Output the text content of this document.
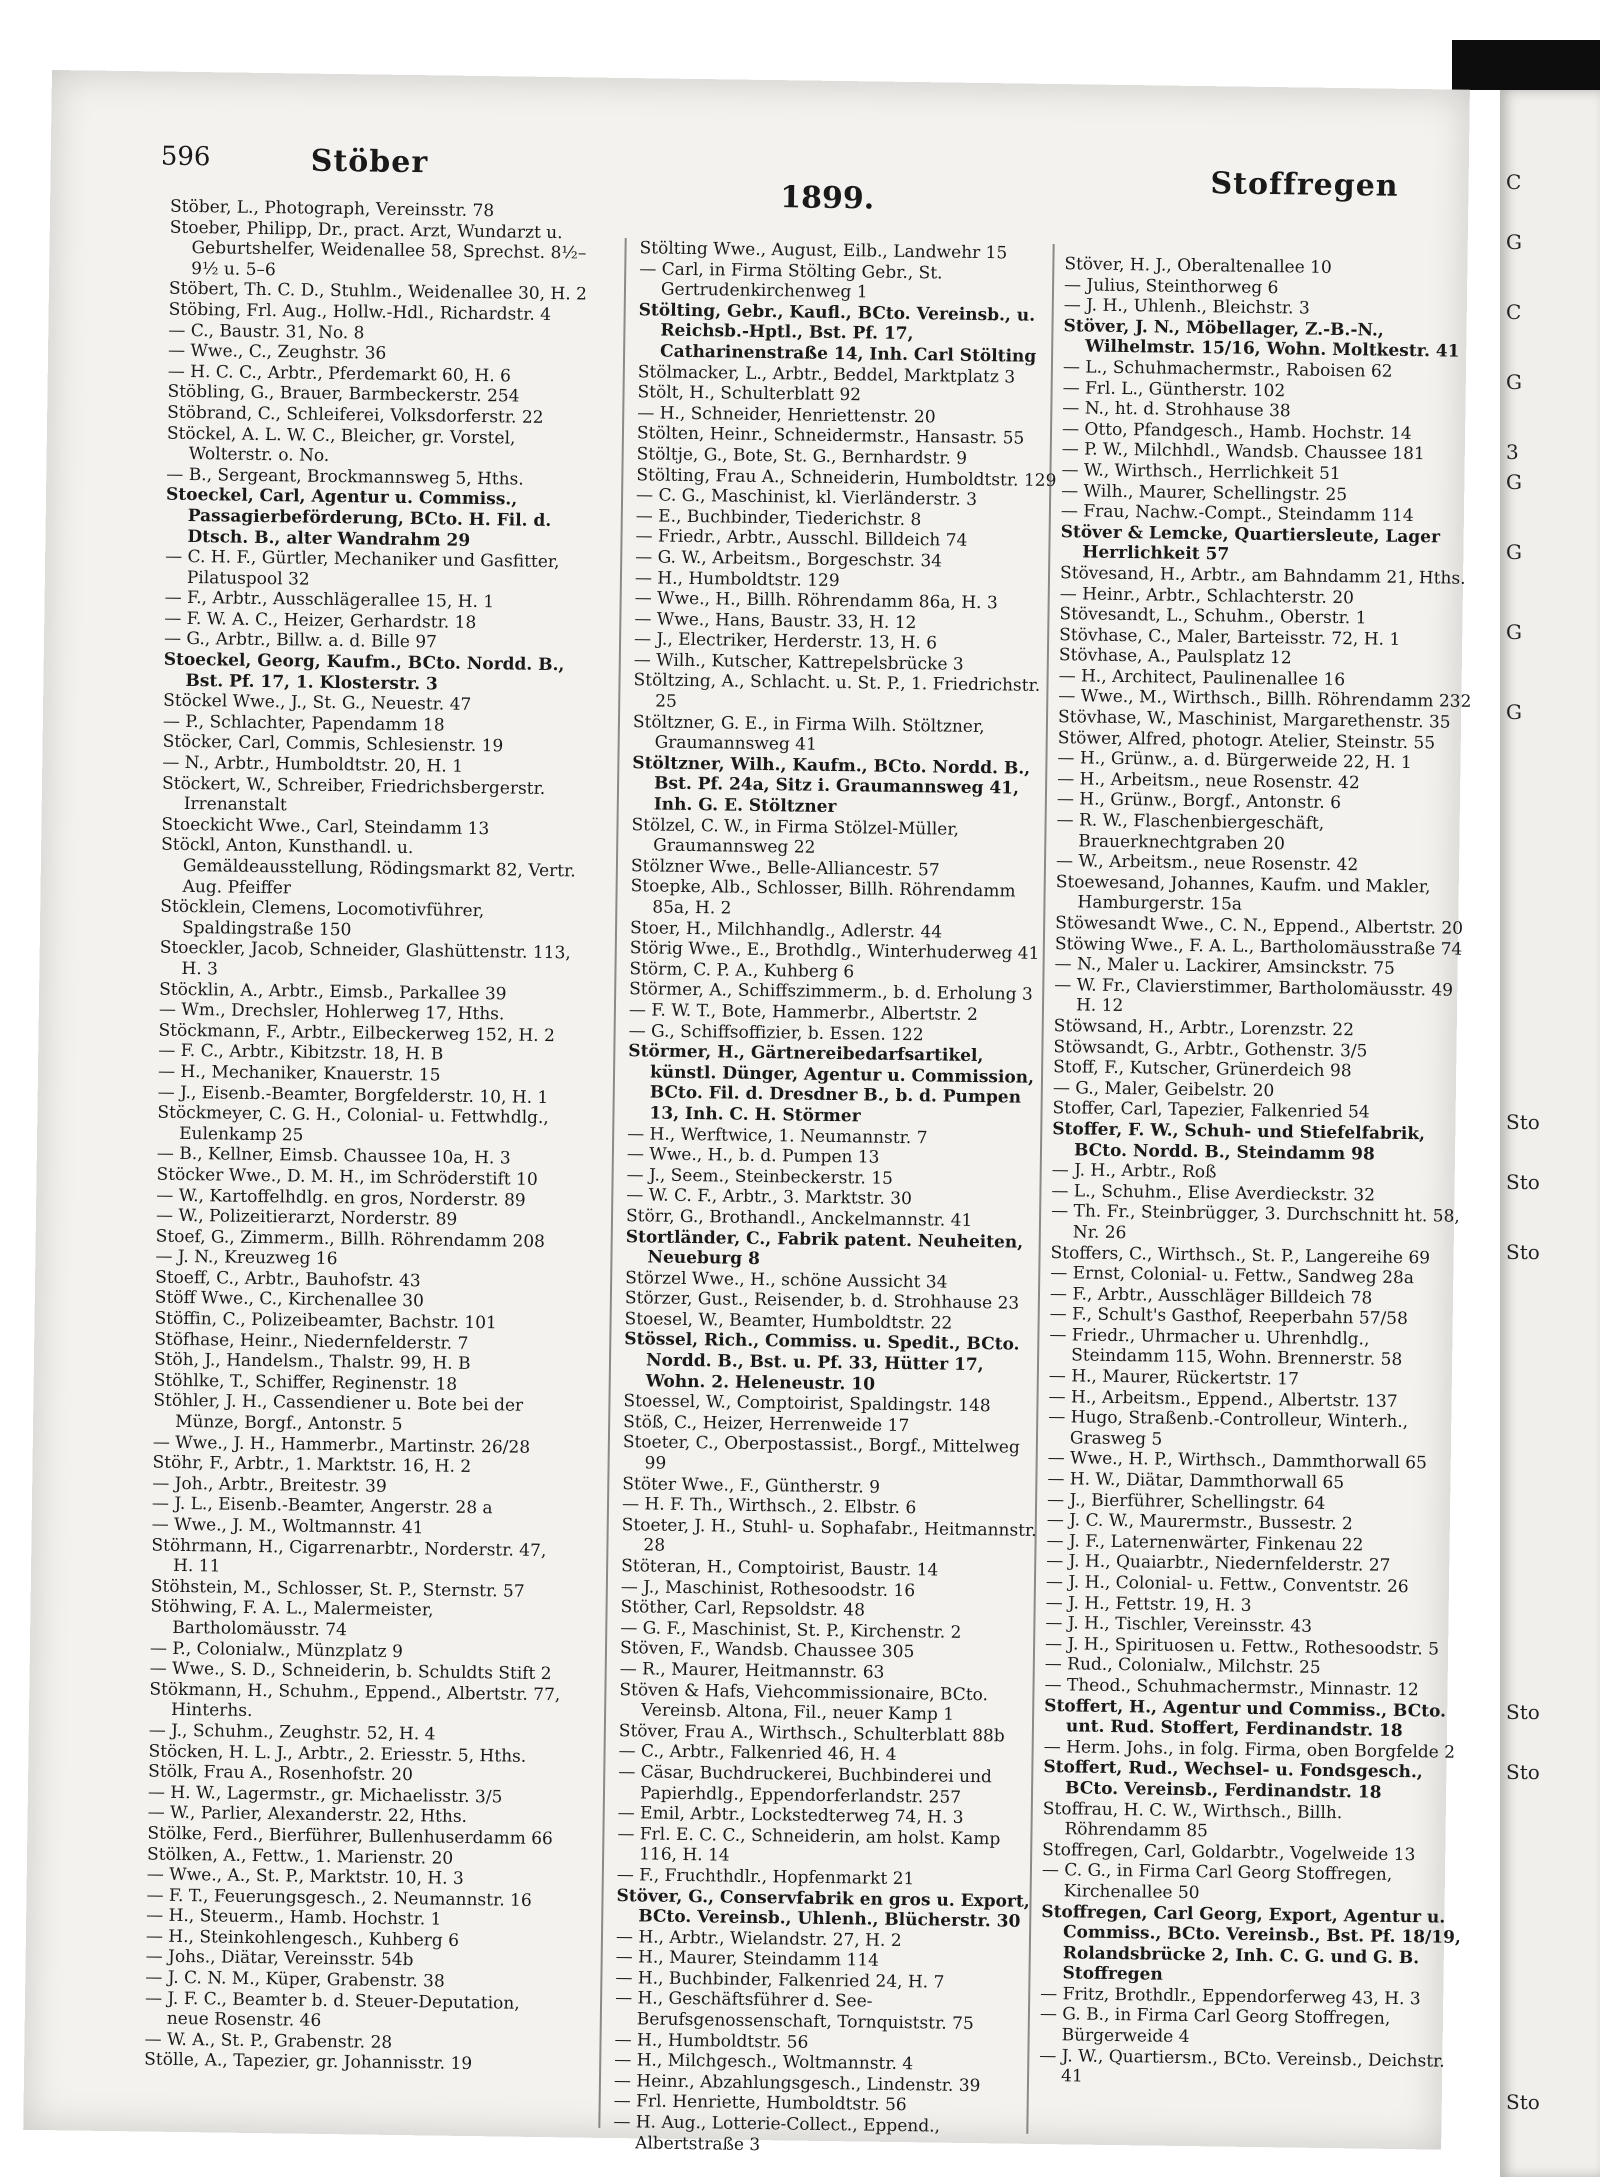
C
G
C
G
3
G
G
G
G
Sto
Sto
Sto
Sto
Sto
Sto
596	Stöber
1899.	Stoffregen
Stöber, L., Photograph, Vereinsstr. 78
Stoeber, Philipp, Dr., pract. Arzt, Wundarzt u. Geburtshelfer, Weidenallee 58, Sprechst. 8½–9½ u. 5–6
Stöbert, Th. C. D., Stuhlm., Weidenallee 30, H. 2
Stöbing, Frl. Aug., Hollw.-Hdl., Richardstr. 4
— C., Baustr. 31, No. 8
— Wwe., C., Zeughstr. 36
— H. C. C., Arbtr., Pferdemarkt 60, H. 6
Stöbling, G., Brauer, Barmbeckerstr. 254
Stöbrand, C., Schleiferei, Volksdorferstr. 22
Stöckel, A. L. W. C., Bleicher, gr. Vorstel, Wolterstr. o. No.
— B., Sergeant, Brockmannsweg 5, Hths.
Stoeckel, Carl, Agentur u. Commiss., Passagierbeförderung, BCto. H. Fil. d. Dtsch. B., alter Wandrahm 29
— C. H. F., Gürtler, Mechaniker und Gasfitter, Pilatuspool 32
— F., Arbtr., Ausschlägerallee 15, H. 1
— F. W. A. C., Heizer, Gerhardstr. 18
— G., Arbtr., Billw. a. d. Bille 97
Stoeckel, Georg, Kaufm., BCto. Nordd. B., Bst. Pf. 17, 1. Klosterstr. 3
Stöckel Wwe., J., St. G., Neuestr. 47
— P., Schlachter, Papendamm 18
Stöcker, Carl, Commis, Schlesienstr. 19
— N., Arbtr., Humboldtstr. 20, H. 1
Stöckert, W., Schreiber, Friedrichsbergerstr. Irrenanstalt
Stoeckicht Wwe., Carl, Steindamm 13
Stöckl, Anton, Kunsthandl. u. Gemäldeausstellung, Rödingsmarkt 82, Vertr. Aug. Pfeiffer
Stöcklein, Clemens, Locomotivführer, Spaldingstraße 150
Stoeckler, Jacob, Schneider, Glashüttenstr. 113, H. 3
Stöcklin, A., Arbtr., Eimsb., Parkallee 39
— Wm., Drechsler, Hohlerweg 17, Hths.
Stöckmann, F., Arbtr., Eilbeckerweg 152, H. 2
— F. C., Arbtr., Kibitzstr. 18, H. B
— H., Mechaniker, Knauerstr. 15
— J., Eisenb.-Beamter, Borgfelderstr. 10, H. 1
Stöckmeyer, C. G. H., Colonial- u. Fettwhdlg., Eulenkamp 25
— B., Kellner, Eimsb. Chaussee 10a, H. 3
Stöcker Wwe., D. M. H., im Schröderstift 10
— W., Kartoffelhdlg. en gros, Norderstr. 89
— W., Polizeitierarzt, Norderstr. 89
Stoef, G., Zimmerm., Billh. Röhrendamm 208
— J. N., Kreuzweg 16
Stoeff, C., Arbtr., Bauhofstr. 43
Stöff Wwe., C., Kirchenallee 30
Stöffin, C., Polizeibeamter, Bachstr. 101
Stöfhase, Heinr., Niedernfelderstr. 7
Stöh, J., Handelsm., Thalstr. 99, H. B
Stöhlke, T., Schiffer, Reginenstr. 18
Stöhler, J. H., Cassendiener u. Bote bei der Münze, Borgf., Antonstr. 5
— Wwe., J. H., Hammerbr., Martinstr. 26/28
Stöhr, F., Arbtr., 1. Marktstr. 16, H. 2
— Joh., Arbtr., Breitestr. 39
— J. L., Eisenb.-Beamter, Angerstr. 28 a
— Wwe., J. M., Woltmannstr. 41
Stöhrmann, H., Cigarrenarbtr., Norderstr. 47, H. 11
Stöhstein, M., Schlosser, St. P., Sternstr. 57
Stöhwing, F. A. L., Malermeister, Bartholomäusstr. 74
— P., Colonialw., Münzplatz 9
— Wwe., S. D., Schneiderin, b. Schuldts Stift 2
Stökmann, H., Schuhm., Eppend., Albertstr. 77, Hinterhs.
— J., Schuhm., Zeughstr. 52, H. 4
Stöcken, H. L. J., Arbtr., 2. Eriesstr. 5, Hths.
Stölk, Frau A., Rosenhofstr. 20
— H. W., Lagermstr., gr. Michaelisstr. 3/5
— W., Parlier, Alexanderstr. 22, Hths.
Stölke, Ferd., Bierführer, Bullenhuserdamm 66
Stölken, A., Fettw., 1. Marienstr. 20
— Wwe., A., St. P., Marktstr. 10, H. 3
— F. T., Feuerungsgesch., 2. Neumannstr. 16
— H., Steuerm., Hamb. Hochstr. 1
— H., Steinkohlengesch., Kuhberg 6
— Johs., Diätar, Vereinsstr. 54b
— J. C. N. M., Küper, Grabenstr. 38
— J. F. C., Beamter b. d. Steuer-Deputation, neue Rosenstr. 46
— W. A., St. P., Grabenstr. 28
Stölle, A., Tapezier, gr. Johannisstr. 19
Stölting Wwe., August, Eilb., Landwehr 15
— Carl, in Firma Stölting Gebr., St. Gertrudenkirchenweg 1
Stölting, Gebr., Kaufl., BCto. Vereinsb., u. Reichsb.-Hptl., Bst. Pf. 17, Catharinenstraße 14, Inh. Carl Stölting
Stölmacker, L., Arbtr., Beddel, Marktplatz 3
Stölt, H., Schulterblatt 92
— H., Schneider, Henriettenstr. 20
Stölten, Heinr., Schneidermstr., Hansastr. 55
Stöltje, G., Bote, St. G., Bernhardstr. 9
Stölting, Frau A., Schneiderin, Humboldtstr. 129
— C. G., Maschinist, kl. Vierländerstr. 3
— E., Buchbinder, Tiederichstr. 8
— Friedr., Arbtr., Ausschl. Billdeich 74
— G. W., Arbeitsm., Borgeschstr. 34
— H., Humboldtstr. 129
— Wwe., H., Billh. Röhrendamm 86a, H. 3
— Wwe., Hans, Baustr. 33, H. 12
— J., Electriker, Herderstr. 13, H. 6
— Wilh., Kutscher, Kattrepelsbrücke 3
Stöltzing, A., Schlacht. u. St. P., 1. Friedrichstr. 25
Stöltzner, G. E., in Firma Wilh. Stöltzner, Graumannsweg 41
Stöltzner, Wilh., Kaufm., BCto. Nordd. B., Bst. Pf. 24a, Sitz i. Graumannsweg 41, Inh. G. E. Stöltzner
Stölzel, C. W., in Firma Stölzel-Müller, Graumannsweg 22
Stölzner Wwe., Belle-Alliancestr. 57
Stoepke, Alb., Schlosser, Billh. Röhrendamm 85a, H. 2
Stoer, H., Milchhandlg., Adlerstr. 44
Störig Wwe., E., Brothdlg., Winterhuderweg 41
Störm, C. P. A., Kuhberg 6
Störmer, A., Schiffszimmerm., b. d. Erholung 3
— F. W. T., Bote, Hammerbr., Albertstr. 2
— G., Schiffsoffizier, b. Essen. 122
Störmer, H., Gärtnereibedarfsartikel, künstl. Dünger, Agentur u. Commission, BCto. Fil. d. Dresdner B., b. d. Pumpen 13, Inh. C. H. Störmer
— H., Werftwice, 1. Neumannstr. 7
— Wwe., H., b. d. Pumpen 13
— J., Seem., Steinbeckerstr. 15
— W. C. F., Arbtr., 3. Marktstr. 30
Störr, G., Brothandl., Anckelmannstr. 41
Stortländer, C., Fabrik patent. Neuheiten, Neueburg 8
Störzel Wwe., H., schöne Aussicht 34
Störzer, Gust., Reisender, b. d. Strohhause 23
Stoesel, W., Beamter, Humboldtstr. 22
Stössel, Rich., Commiss. u. Spedit., BCto. Nordd. B., Bst. u. Pf. 33, Hütter 17, Wohn. 2. Heleneustr. 10
Stoessel, W., Comptoirist, Spaldingstr. 148
Stöß, C., Heizer, Herrenweide 17
Stoeter, C., Oberpostassist., Borgf., Mittelweg 99
Stöter Wwe., F., Güntherstr. 9
— H. F. Th., Wirthsch., 2. Elbstr. 6
Stoeter, J. H., Stuhl- u. Sophafabr., Heitmannstr. 28
Stöteran, H., Comptoirist, Baustr. 14
— J., Maschinist, Rothesoodstr. 16
Stöther, Carl, Repsoldstr. 48
— G. F., Maschinist, St. P., Kirchenstr. 2
Stöven, F., Wandsb. Chaussee 305
— R., Maurer, Heitmannstr. 63
Stöven & Hafs, Viehcommissionaire, BCto. Vereinsb. Altona, Fil., neuer Kamp 1
Stöver, Frau A., Wirthsch., Schulterblatt 88b
— C., Arbtr., Falkenried 46, H. 4
— Cäsar, Buchdruckerei, Buchbinderei und Papierhdlg., Eppendorferlandstr. 257
— Emil, Arbtr., Lockstedterweg 74, H. 3
— Frl. E. C. C., Schneiderin, am holst. Kamp 116, H. 14
— F., Fruchthdlr., Hopfenmarkt 21
Stöver, G., Conservfabrik en gros u. Export, BCto. Vereinsb., Uhlenh., Blücherstr. 30
— H., Arbtr., Wielandstr. 27, H. 2
— H., Maurer, Steindamm 114
— H., Buchbinder, Falkenried 24, H. 7
— H., Geschäftsführer d. See-Berufsgenossenschaft, Tornquiststr. 75
— H., Humboldtstr. 56
— H., Milchgesch., Woltmannstr. 4
— Heinr., Abzahlungsgesch., Lindenstr. 39
— Frl. Henriette, Humboldtstr. 56
— H. Aug., Lotterie-Collect., Eppend., Albertstraße 3
Stöver, H. J., Oberaltenallee 10
— Julius, Steinthorweg 6
— J. H., Uhlenh., Bleichstr. 3
Stöver, J. N., Möbellager, Z.-B.-N., Wilhelmstr. 15/16, Wohn. Moltkestr. 41
— L., Schuhmachermstr., Raboisen 62
— Frl. L., Güntherstr. 102
— N., ht. d. Strohhause 38
— Otto, Pfandgesch., Hamb. Hochstr. 14
— P. W., Milchhdl., Wandsb. Chaussee 181
— W., Wirthsch., Herrlichkeit 51
— Wilh., Maurer, Schellingstr. 25
— Frau, Nachw.-Compt., Steindamm 114
Stöver & Lemcke, Quartiersleute, Lager Herrlichkeit 57
Stövesand, H., Arbtr., am Bahndamm 21, Hths.
— Heinr., Arbtr., Schlachterstr. 20
Stövesandt, L., Schuhm., Oberstr. 1
Stövhase, C., Maler, Barteisstr. 72, H. 1
Stövhase, A., Paulsplatz 12
— H., Architect, Paulinenallee 16
— Wwe., M., Wirthsch., Billh. Röhrendamm 232
Stövhase, W., Maschinist, Margarethenstr. 35
Stöwer, Alfred, photogr. Atelier, Steinstr. 55
— H., Grünw., a. d. Bürgerweide 22, H. 1
— H., Arbeitsm., neue Rosenstr. 42
— H., Grünw., Borgf., Antonstr. 6
— R. W., Flaschenbiergeschäft, Brauerknechtgraben 20
— W., Arbeitsm., neue Rosenstr. 42
Stoewesand, Johannes, Kaufm. und Makler, Hamburgerstr. 15a
Stöwesandt Wwe., C. N., Eppend., Albertstr. 20
Stöwing Wwe., F. A. L., Bartholomäusstraße 74
— N., Maler u. Lackirer, Amsinckstr. 75
— W. Fr., Clavierstimmer, Bartholomäusstr. 49 H. 12
Stöwsand, H., Arbtr., Lorenzstr. 22
Stöwsandt, G., Arbtr., Gothenstr. 3/5
Stoff, F., Kutscher, Grünerdeich 98
— G., Maler, Geibelstr. 20
Stoffer, Carl, Tapezier, Falkenried 54
Stoffer, F. W., Schuh- und Stiefelfabrik, BCto. Nordd. B., Steindamm 98
— J. H., Arbtr., Roß
— L., Schuhm., Elise Averdieckstr. 32
— Th. Fr., Steinbrügger, 3. Durchschnitt ht. 58, Nr. 26
Stoffers, C., Wirthsch., St. P., Langereihe 69
— Ernst, Colonial- u. Fettw., Sandweg 28a
— F., Arbtr., Ausschläger Billdeich 78
— F., Schult's Gasthof, Reeperbahn 57/58
— Friedr., Uhrmacher u. Uhrenhdlg., Steindamm 115, Wohn. Brennerstr. 58
— H., Maurer, Rückertstr. 17
— H., Arbeitsm., Eppend., Albertstr. 137
— Hugo, Straßenb.-Controlleur, Winterh., Grasweg 5
— Wwe., H. P., Wirthsch., Dammthorwall 65
— H. W., Diätar, Dammthorwall 65
— J., Bierführer, Schellingstr. 64
— J. C. W., Maurermstr., Bussestr. 2
— J. F., Laternenwärter, Finkenau 22
— J. H., Quaiarbtr., Niedernfelderstr. 27
— J. H., Colonial- u. Fettw., Conventstr. 26
— J. H., Fettstr. 19, H. 3
— J. H., Tischler, Vereinsstr. 43
— J. H., Spirituosen u. Fettw., Rothesoodstr. 5
— Rud., Colonialw., Milchstr. 25
— Theod., Schuhmachermstr., Minnastr. 12
Stoffert, H., Agentur und Commiss., BCto. unt. Rud. Stoffert, Ferdinandstr. 18
— Herm. Johs., in folg. Firma, oben Borgfelde 2
Stoffert, Rud., Wechsel- u. Fondsgesch., BCto. Vereinsb., Ferdinandstr. 18
Stoffrau, H. C. W., Wirthsch., Billh. Röhrendamm 85
Stoffregen, Carl, Goldarbtr., Vogelweide 13
— C. G., in Firma Carl Georg Stoffregen, Kirchenallee 50
Stoffregen, Carl Georg, Export, Agentur u. Commiss., BCto. Vereinsb., Bst. Pf. 18/19, Rolandsbrücke 2, Inh. C. G. und G. B. Stoffregen
— Fritz, Brothdlr., Eppendorferweg 43, H. 3
— G. B., in Firma Carl Georg Stoffregen, Bürgerweide 4
— J. W., Quartiersm., BCto. Vereinsb., Deichstr. 41
